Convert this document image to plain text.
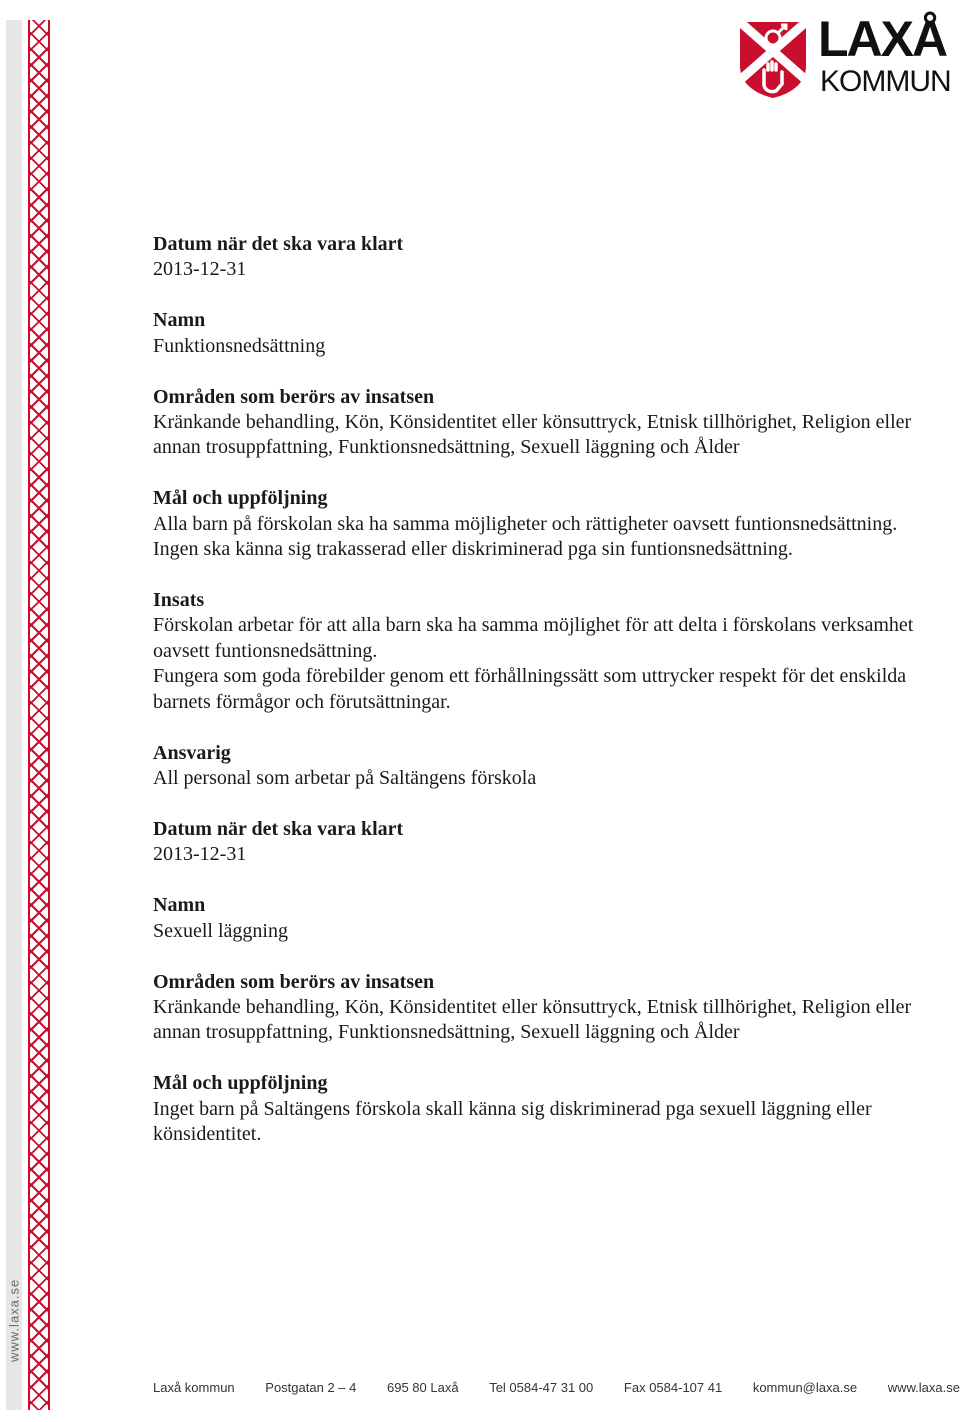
www.laxa.se
LAXÅ
KOMMUN
Datum när det ska vara klart
2013-12-31
Namn
Funktionsnedsättning
Områden som berörs av insatsen
Kränkande behandling, Kön, Könsidentitet eller könsuttryck, Etnisk tillhörighet, Religion eller annan trosuppfattning, Funktionsnedsättning, Sexuell läggning och Ålder
Mål och uppföljning
Alla barn på förskolan ska ha samma möjligheter och rättigheter oavsett funtionsnedsättning.
Ingen ska känna sig trakasserad eller diskriminerad pga sin funtionsnedsättning.
Insats
Förskolan arbetar för att alla barn ska ha samma möjlighet för att delta i förskolans verksamhet oavsett funtionsnedsättning.
Fungera som goda förebilder genom ett förhållningssätt som uttrycker respekt för det enskilda barnets förmågor och förutsättningar.
Ansvarig
All personal som arbetar på Saltängens förskola
Datum när det ska vara klart
2013-12-31
Namn
Sexuell läggning
Områden som berörs av insatsen
Kränkande behandling, Kön, Könsidentitet eller könsuttryck, Etnisk tillhörighet, Religion eller annan trosuppfattning, Funktionsnedsättning, Sexuell läggning och Ålder
Mål och uppföljning
Inget barn på Saltängens förskola skall känna sig diskriminerad pga sexuell läggning eller könsidentitet.
Laxå kommun Postgatan 2 – 4 695 80 Laxå Tel 0584-47 31 00 Fax 0584-107 41 kommun@laxa.se www.laxa.se
